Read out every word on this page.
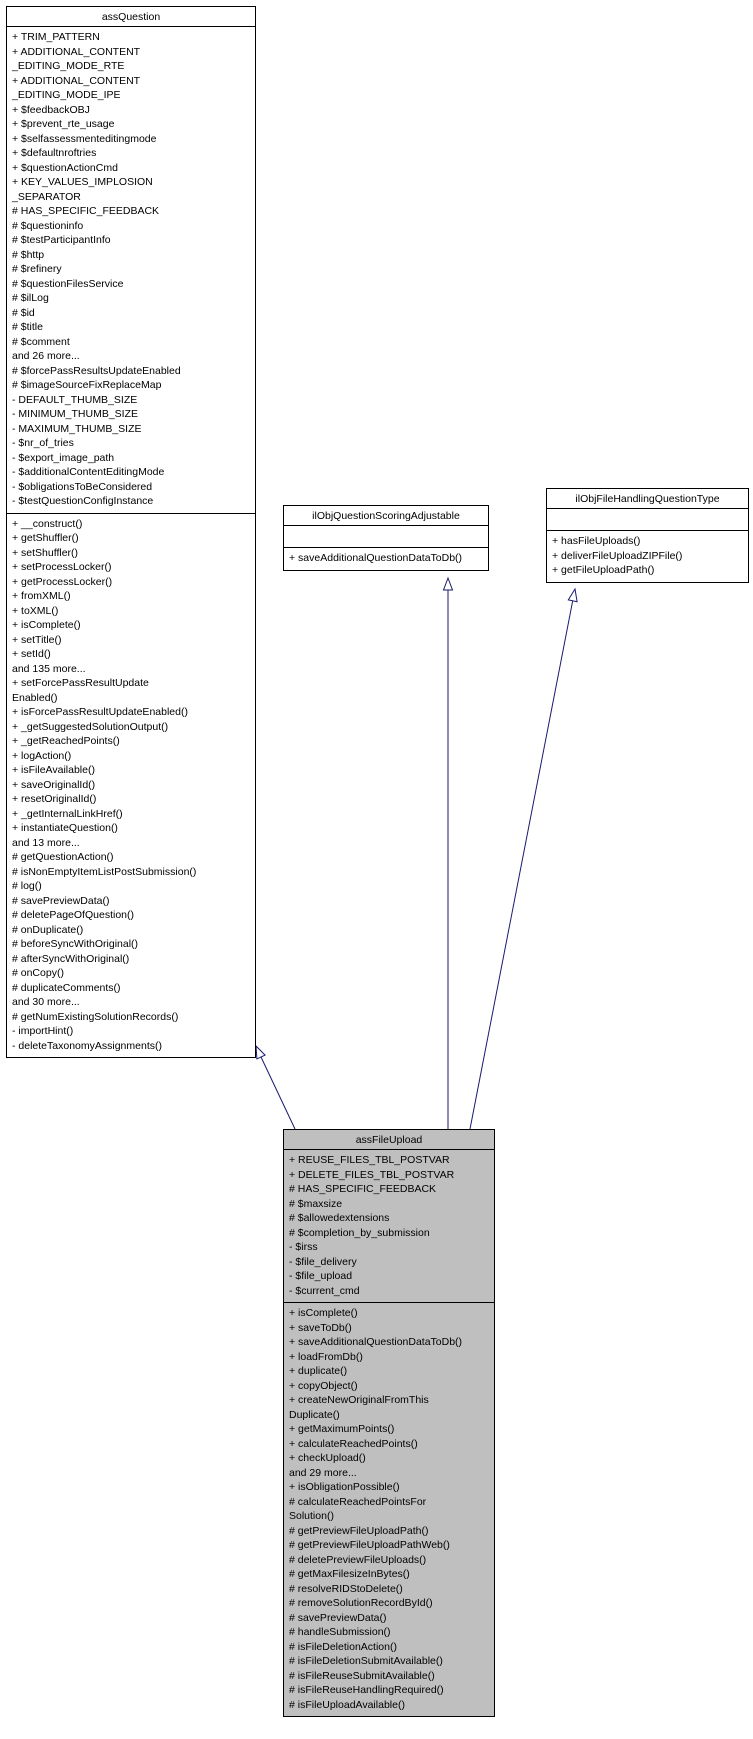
assQuestion
+ TRIM_PATTERN
+ ADDITIONAL_CONTENT
_EDITING_MODE_RTE
+ ADDITIONAL_CONTENT
_EDITING_MODE_IPE
+ $feedbackOBJ
+ $prevent_rte_usage
+ $selfassessmenteditingmode
+ $defaultnroftries
+ $questionActionCmd
+ KEY_VALUES_IMPLOSION
_SEPARATOR
# HAS_SPECIFIC_FEEDBACK
# $questioninfo
# $testParticipantInfo
# $http
# $refinery
# $questionFilesService
# $ilLog
# $id
# $title
# $comment
and 26 more...
# $forcePassResultsUpdateEnabled
# $imageSourceFixReplaceMap
- DEFAULT_THUMB_SIZE
- MINIMUM_THUMB_SIZE
- MAXIMUM_THUMB_SIZE
- $nr_of_tries
- $export_image_path
- $additionalContentEditingMode
- $obligationsToBeConsidered
- $testQuestionConfigInstance
+ __construct()
+ getShuffler()
+ setShuffler()
+ setProcessLocker()
+ getProcessLocker()
+ fromXML()
+ toXML()
+ isComplete()
+ setTitle()
+ setId()
and 135 more...
+ setForcePassResultUpdate
Enabled()
+ isForcePassResultUpdateEnabled()
+ _getSuggestedSolutionOutput()
+ _getReachedPoints()
+ logAction()
+ isFileAvailable()
+ saveOriginalId()
+ resetOriginalId()
+ _getInternalLinkHref()
+ instantiateQuestion()
and 13 more...
# getQuestionAction()
# isNonEmptyItemListPostSubmission()
# log()
# savePreviewData()
# deletePageOfQuestion()
# onDuplicate()
# beforeSyncWithOriginal()
# afterSyncWithOriginal()
# onCopy()
# duplicateComments()
and 30 more...
# getNumExistingSolutionRecords()
- importHint()
- deleteTaxonomyAssignments()
ilObjQuestionScoringAdjustable
+ saveAdditionalQuestionDataToDb()
ilObjFileHandlingQuestionType
+ hasFileUploads()
+ deliverFileUploadZIPFile()
+ getFileUploadPath()
assFileUpload
+ REUSE_FILES_TBL_POSTVAR
+ DELETE_FILES_TBL_POSTVAR
# HAS_SPECIFIC_FEEDBACK
# $maxsize
# $allowedextensions
# $completion_by_submission
- $irss
- $file_delivery
- $file_upload
- $current_cmd
+ isComplete()
+ saveToDb()
+ saveAdditionalQuestionDataToDb()
+ loadFromDb()
+ duplicate()
+ copyObject()
+ createNewOriginalFromThis
Duplicate()
+ getMaximumPoints()
+ calculateReachedPoints()
+ checkUpload()
and 29 more...
+ isObligationPossible()
# calculateReachedPointsFor
Solution()
# getPreviewFileUploadPath()
# getPreviewFileUploadPathWeb()
# deletePreviewFileUploads()
# getMaxFilesizeInBytes()
# resolveRIDStoDelete()
# removeSolutionRecordById()
# savePreviewData()
# handleSubmission()
# isFileDeletionAction()
# isFileDeletionSubmitAvailable()
# isFileReuseSubmitAvailable()
# isFileReuseHandlingRequired()
# isFileUploadAvailable()
